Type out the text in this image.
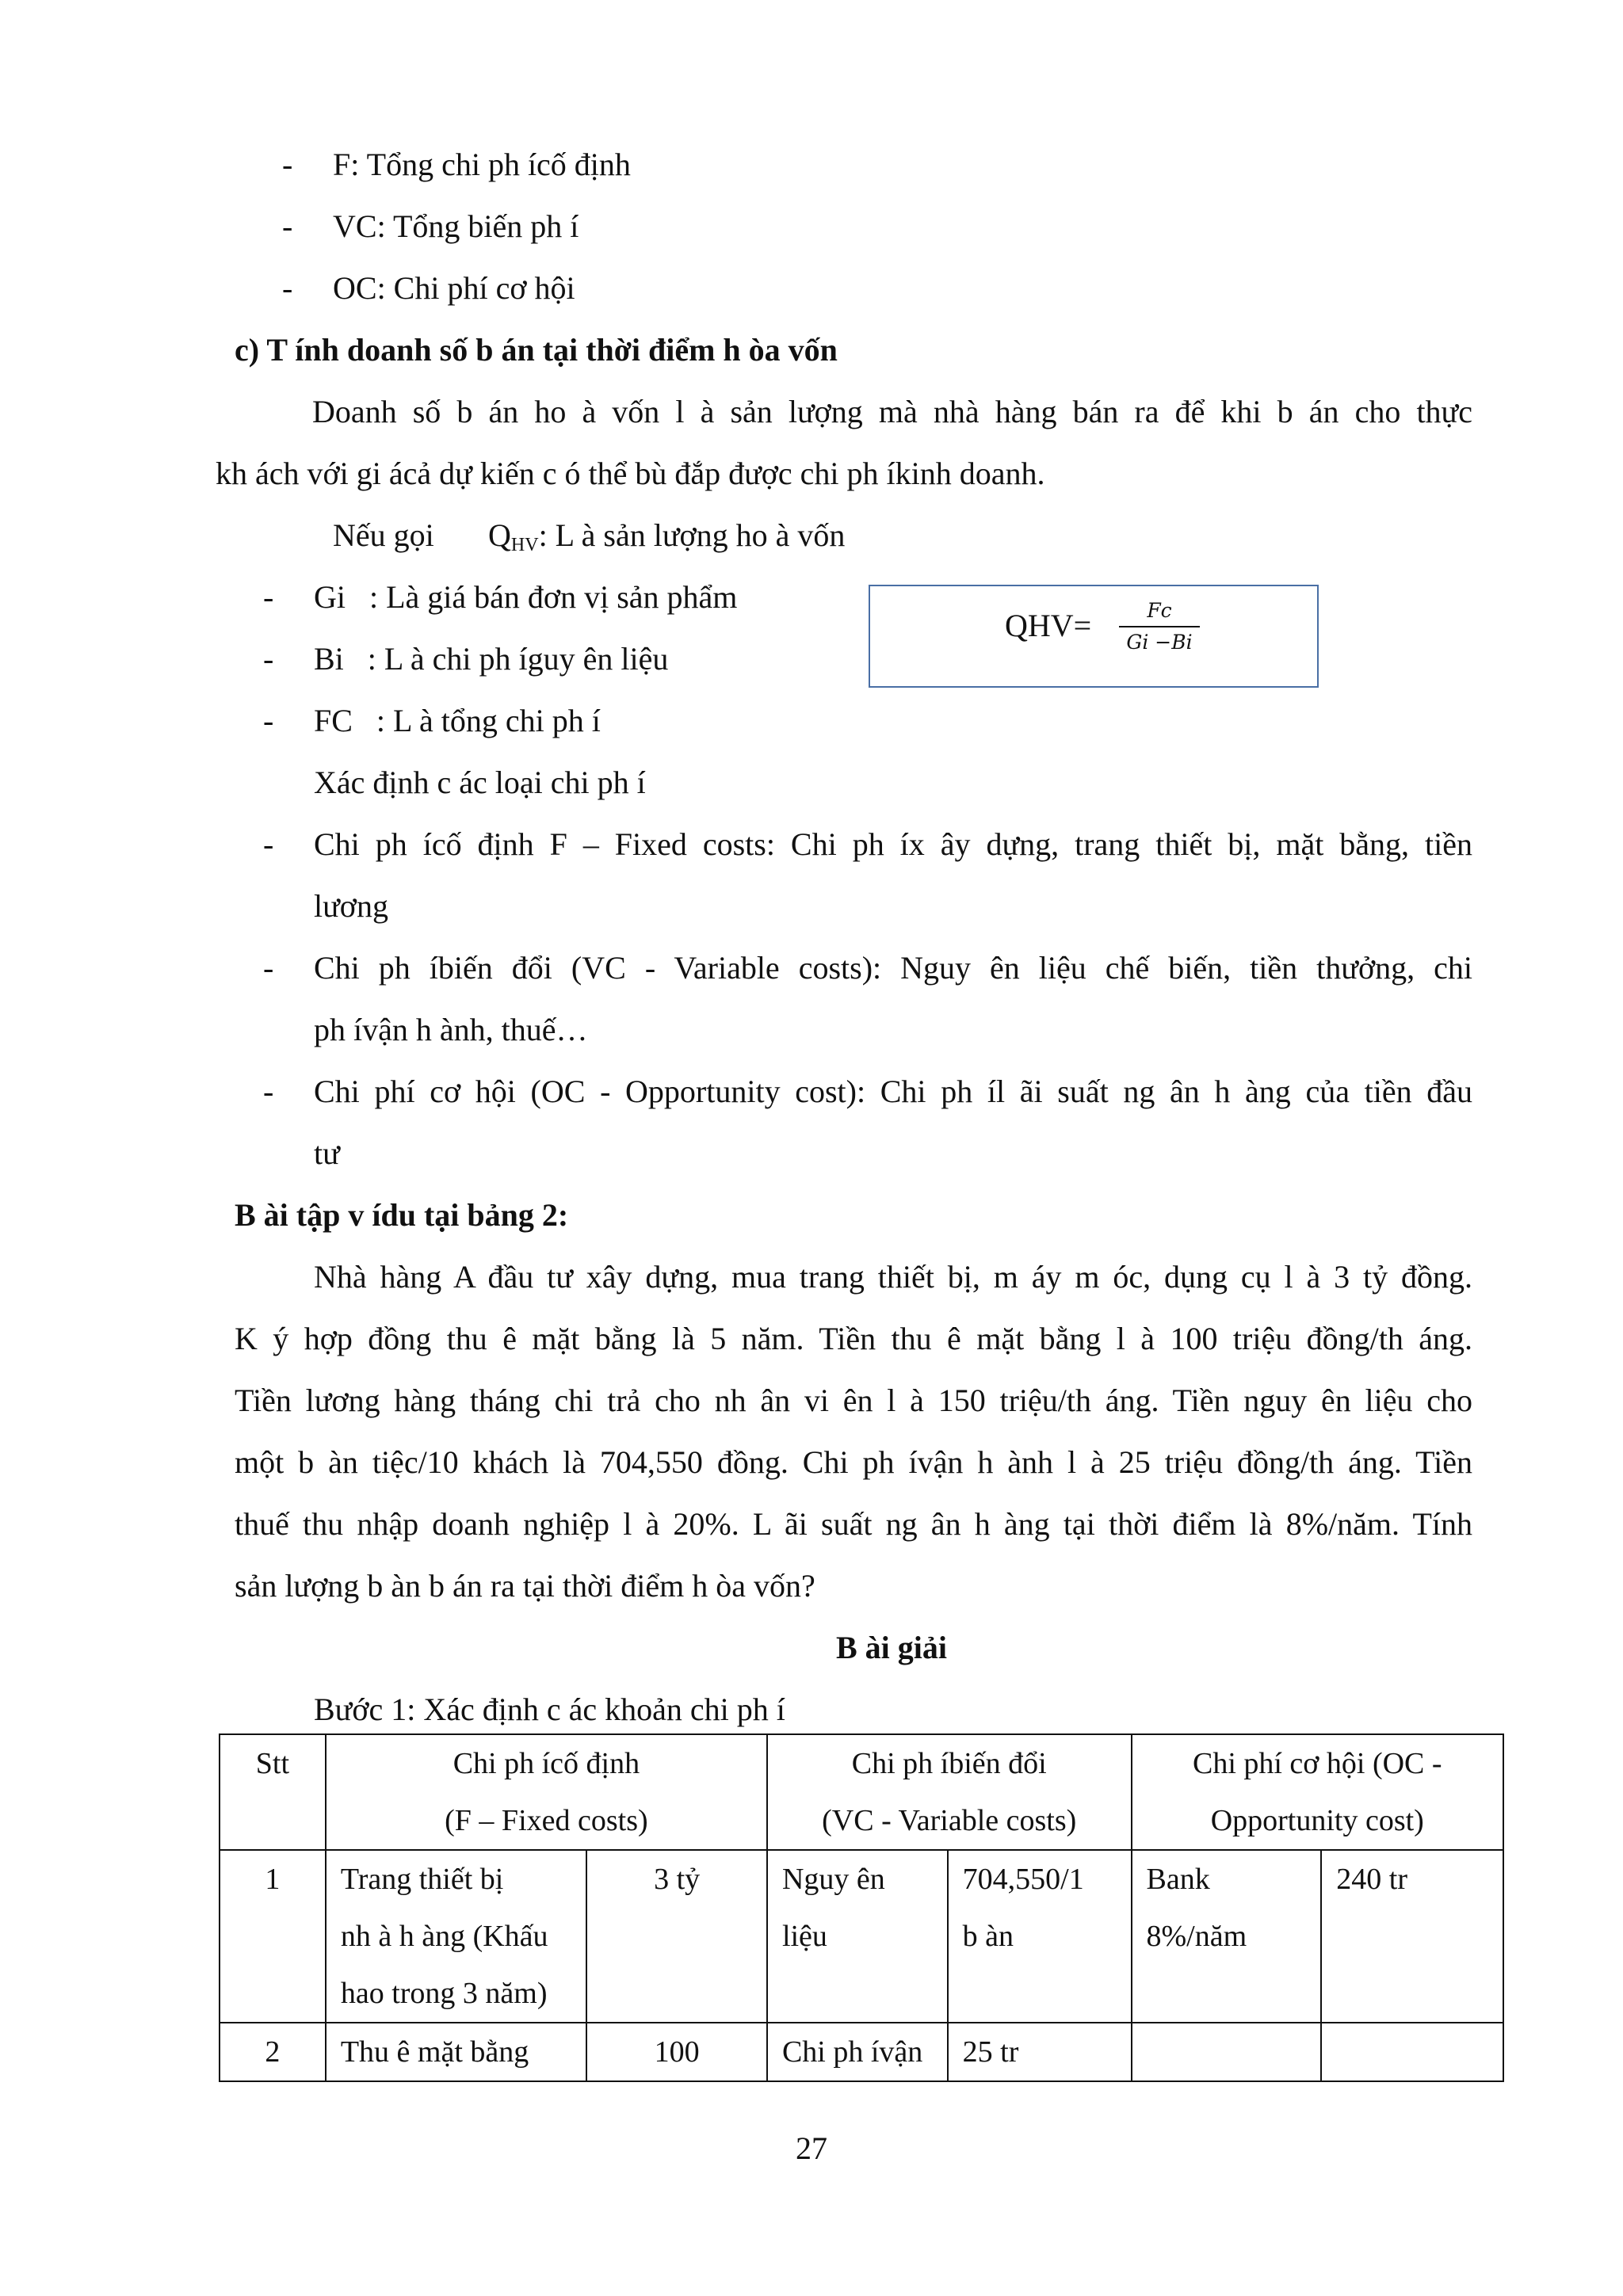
- F: Tổng chi ph ícố định
- VC: Tổng biến ph í
- OC: Chi phí cơ hội
c) T ính doanh số b án tại thời điểm h òa vốn
Doanh số b án ho à vốn l à sản lượng mà nhà hàng bán ra để khi b án cho thực
kh ách với gi ácả dự kiến c ó thể bù đắp được chi ph íkinh doanh.
Nếu gọi $Q_{HV}$: L à sản lượng ho à vốn
- Gi   : Là giá bán đơn vị sản phẩm
- Bi   : L à chi ph íguy ên liệu
- FC   : L à tổng chi ph í
QHV=	Fc
Gi −Bi
Xác định c ác loại chi ph í
- Chi ph ícố định F – Fixed costs: Chi ph íx ây dựng, trang thiết bị, mặt bằng, tiền
lương
- Chi ph íbiến đổi (VC - Variable costs): Nguy ên liệu chế biến, tiền thưởng, chi
ph ívận h ành, thuế…
- Chi phí cơ hội (OC - Opportunity cost): Chi ph íl ãi suất ng ân h àng của tiền đầu
tư
B ài tập v ídu tại bảng 2:
Nhà hàng A đầu tư xây dựng, mua trang thiết bị, m áy m óc, dụng cụ l à 3 tỷ đồng.
K ý hợp đồng thu ê mặt bằng là 5 năm. Tiền thu ê mặt bằng l à 100 triệu đồng/th áng.
Tiền lương hàng tháng chi trả cho nh ân vi ên l à 150 triệu/th áng. Tiền nguy ên liệu cho
một b àn tiệc/10 khách là 704,550 đồng. Chi ph ívận h ành l à 25 triệu đồng/th áng. Tiền
thuế thu nhập doanh nghiệp l à 20%. L ãi suất ng ân h àng tại thời điểm là 8%/năm. Tính
sản lượng b àn b án ra tại thời điểm h òa vốn?
B ài giải
Bước 1: Xác định c ác khoản chi ph í
Stt	Chi ph ícố định
(F – Fixed costs)		Chi ph íbiến đổi
(VC - Variable costs)		Chi phí cơ hội (OC -
Opportunity cost)	
1	Trang thiết bị
nh à h àng (Khấu
hao trong 3 năm)	3 tỷ	Nguy ên
liệu	704,550/1
b àn	Bank
8%/năm	240 tr
2	Thu ê mặt bằng	100	Chi ph ívận	25 tr		
27
